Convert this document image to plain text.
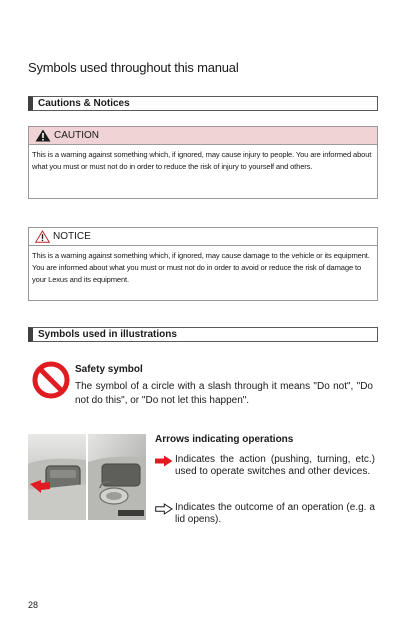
Symbols used throughout this manual
Cautions & Notices
CAUTION
This is a warning against something which, if ignored, may cause injury to people. You are informed about what you must or must not do in order to reduce the risk of injury to yourself and others.
NOTICE
This is a warning against something which, if ignored, may cause damage to the vehicle or its equipment. You are informed about what you must or must not do in order to avoid or reduce the risk of damage to your Lexus and its equipment.
Symbols used in illustrations
Safety symbol
The symbol of a circle with a slash through it means "Do not", "Do not do this", or "Do not let this happen".
Arrows indicating operations
Indicates the action (pushing, turning, etc.) used to operate switches and other devices.
Indicates the outcome of an operation (e.g. a lid opens).
28
